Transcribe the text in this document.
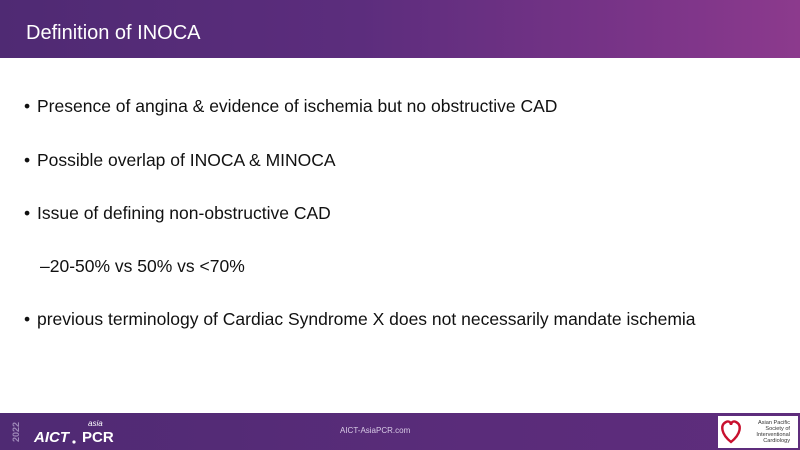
Definition of INOCA
• Presence of angina & evidence of ischemia but no obstructive CAD
• Possible overlap of INOCA & MINOCA
• Issue of defining non-obstructive CAD
–20-50% vs 50% vs <70%
• previous terminology of Cardiac Syndrome X does not necessarily mandate ischemia
2022 AICT
asia
PCR	AICT-AsiaPCR.com
Asian Pacific
Society of
Interventional
Cardiology
